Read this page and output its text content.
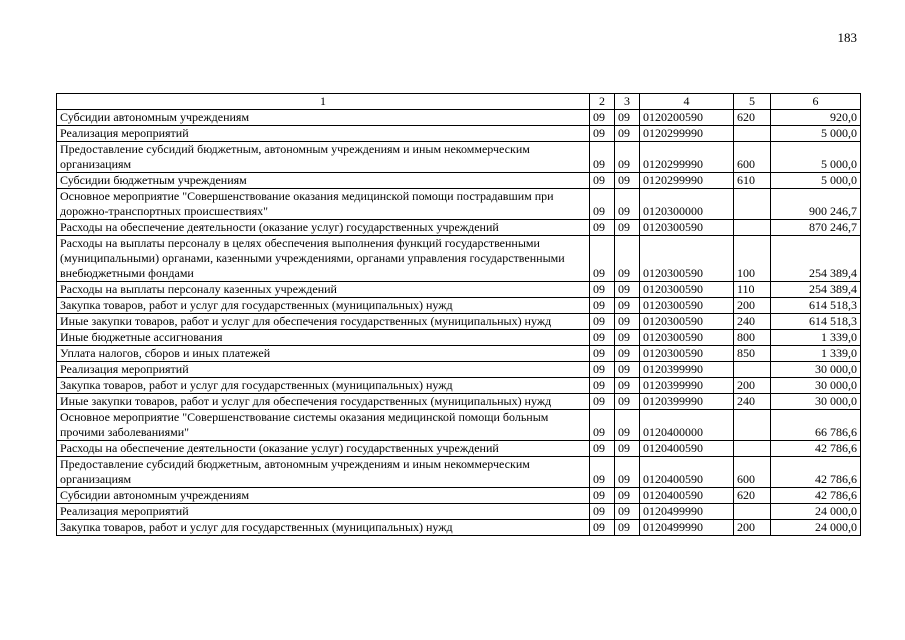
183
1	2	3	4	5	6
Субсидии автономным учреждениям	09	09	0120200590	620	920,0
Реализация мероприятий	09	09	0120299990		5 000,0
Предоставление субсидий бюджетным, автономным учреждениям и иным некоммерческим организациям	09	09	0120299990	600	5 000,0
Субсидии бюджетным учреждениям	09	09	0120299990	610	5 000,0
Основное мероприятие "Совершенствование оказания медицинской помощи пострадавшим при дорожно-транспортных происшествиях"	09	09	0120300000		900 246,7
Расходы на обеспечение деятельности (оказание услуг) государственных учреждений	09	09	0120300590		870 246,7
Расходы на выплаты персоналу в целях обеспечения выполнения функций государственными (муниципальными) органами, казенными учреждениями, органами управления государственными внебюджетными фондами	09	09	0120300590	100	254 389,4
Расходы на выплаты персоналу казенных учреждений	09	09	0120300590	110	254 389,4
Закупка товаров, работ и услуг для государственных (муниципальных) нужд	09	09	0120300590	200	614 518,3
Иные закупки товаров, работ и услуг для обеспечения государственных (муниципальных) нужд	09	09	0120300590	240	614 518,3
Иные бюджетные ассигнования	09	09	0120300590	800	1 339,0
Уплата налогов, сборов и иных платежей	09	09	0120300590	850	1 339,0
Реализация мероприятий	09	09	0120399990		30 000,0
Закупка товаров, работ и услуг для государственных (муниципальных) нужд	09	09	0120399990	200	30 000,0
Иные закупки товаров, работ и услуг для обеспечения государственных (муниципальных) нужд	09	09	0120399990	240	30 000,0
Основное мероприятие "Совершенствование системы оказания медицинской помощи больным прочими заболеваниями"	09	09	0120400000		66 786,6
Расходы на обеспечение деятельности (оказание услуг) государственных учреждений	09	09	0120400590		42 786,6
Предоставление субсидий бюджетным, автономным учреждениям и иным некоммерческим организациям	09	09	0120400590	600	42 786,6
Субсидии автономным учреждениям	09	09	0120400590	620	42 786,6
Реализация мероприятий	09	09	0120499990		24 000,0
Закупка товаров, работ и услуг для государственных (муниципальных) нужд	09	09	0120499990	200	24 000,0
